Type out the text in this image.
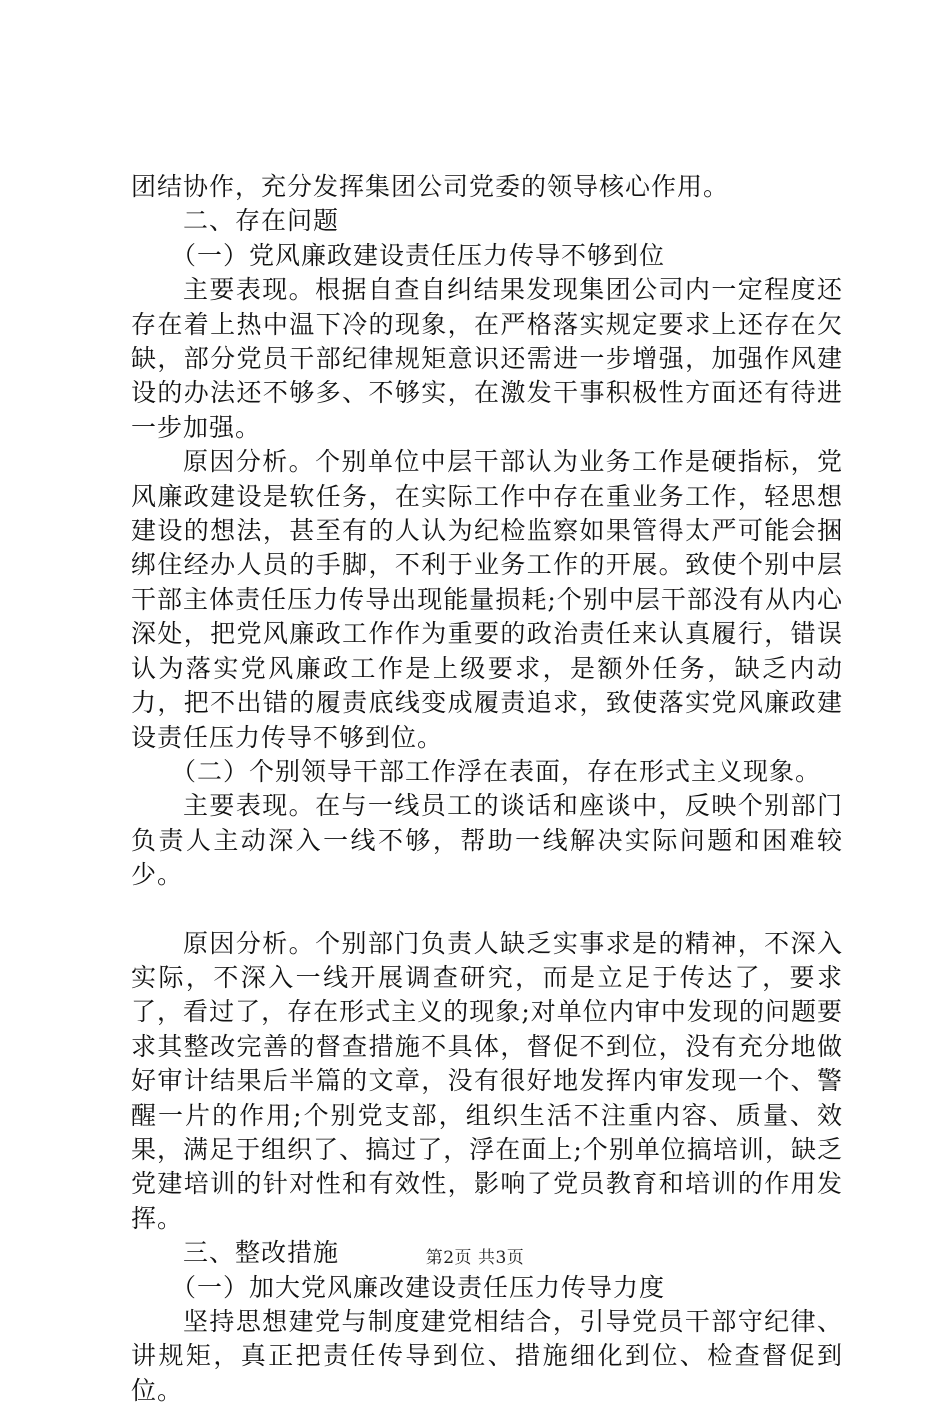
团结协作，充分发挥集团公司党委的领导核心作用。

二、存在问题

（一）党风廉政建设责任压力传导不够到位

主要表现。根据自查自纠结果发现集团公司内一定程度还存在着上热中温下冷的现象，在严格落实规定要求上还存在欠缺，部分党员干部纪律规矩意识还需进一步增强，加强作风建设的办法还不够多、不够实，在激发干事积极性方面还有待进一步加强。

原因分析。个别单位中层干部认为业务工作是硬指标，党风廉政建设是软任务，在实际工作中存在重业务工作，轻思想建设的想法，甚至有的人认为纪检监察如果管得太严可能会捆绑住经办人员的手脚，不利于业务工作的开展。致使个别中层干部主体责任压力传导出现能量损耗;个别中层干部没有从内心深处，把党风廉政工作作为重要的政治责任来认真履行，错误认为落实党风廉政工作是上级要求，是额外任务，缺乏内动力，把不出错的履责底线变成履责追求，致使落实党风廉政建设责任压力传导不够到位。

（二）个别领导干部工作浮在表面，存在形式主义现象。

主要表现。在与一线员工的谈话和座谈中，反映个别部门负责人主动深入一线不够，帮助一线解决实际问题和困难较少。

原因分析。个别部门负责人缺乏实事求是的精神，不深入实际，不深入一线开展调查研究，而是立足于传达了，要求了，看过了，存在形式主义的现象;对单位内审中发现的问题要求其整改完善的督查措施不具体，督促不到位，没有充分地做好审计结果后半篇的文章，没有很好地发挥内审发现一个、警醒一片的作用;个别党支部，组织生活不注重内容、质量、效果，满足于组织了、搞过了，浮在面上;个别单位搞培训，缺乏党建培训的针对性和有效性，影响了党员教育和培训的作用发挥。

三、整改措施

（一）加大党风廉改建设责任压力传导力度

坚持思想建党与制度建党相结合，引导党员干部守纪律、讲规矩，真正把责任传导到位、措施细化到位、检查督促到位。

第2页 共3页
